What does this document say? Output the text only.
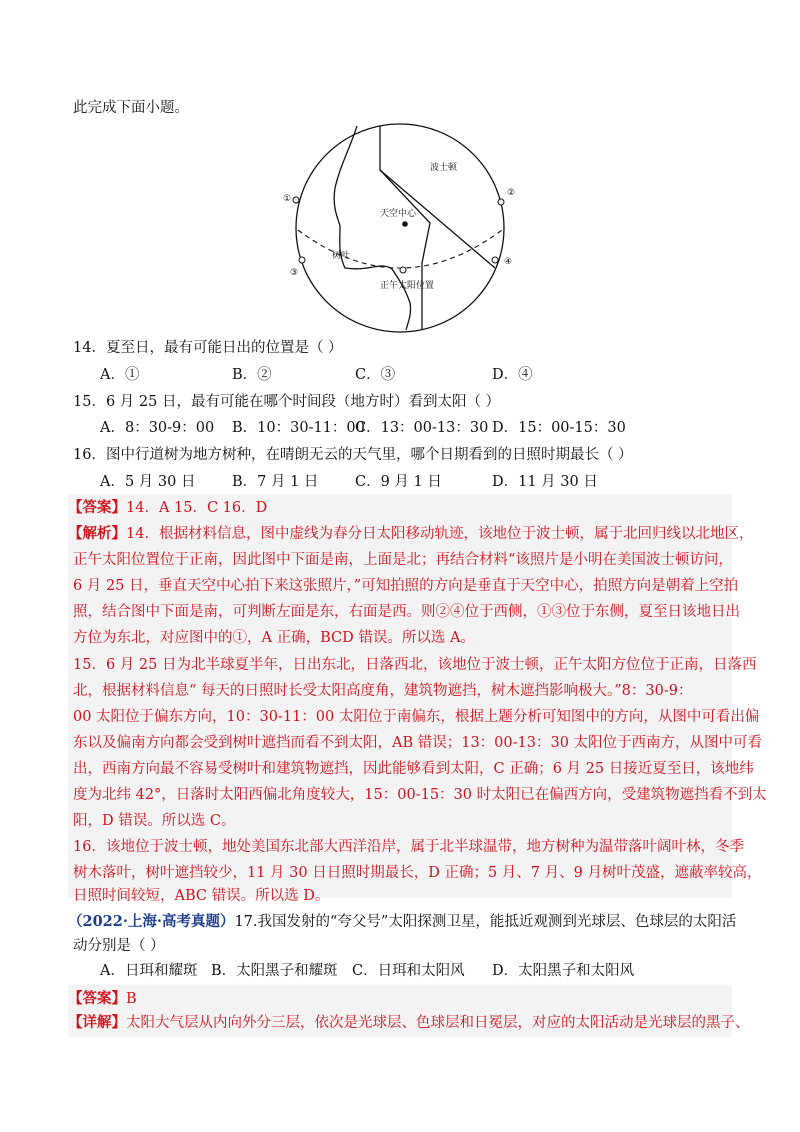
此完成下面小题。
①
②
③
④
波士顿
天空中心
树叶
正午太阳位置
14．夏至日，最有可能日出的位置是（ ）
A．①	B．②	C．③	D．④
15．6 月 25 日，最有可能在哪个时间段（地方时）看到太阳（ ）
A．8：30-9：00 B．10：30-11：00
C．13：00-13：30 D．15：00-15：30
16．图中行道树为地方树种，在晴朗无云的天气里，哪个日期看到的日照时期最长（ ）
A．5 月 30 日	B．7 月 1 日	C．9 月 1 日	D．11 月 30 日
【答案】14．A 15．C 16．D
【解析】14．根据材料信息，图中虚线为春分日太阳移动轨迹，该地位于波士顿，属于北回归线以北地区，
正午太阳位置位于正南，因此图中下面是南，上面是北；再结合材料“该照片是小明在美国波士顿访问，
6 月 25 日，垂直天空中心拍下来这张照片，”可知拍照的方向是垂直于天空中心，拍照方向是朝着上空拍
照，结合图中下面是南，可判断左面是东，右面是西。则②④位于西侧，①③位于东侧，夏至日该地日出
方位为东北，对应图中的①，A 正确，BCD 错误。所以选 A。
15．6 月 25 日为北半球夏半年，日出东北，日落西北，该地位于波士顿，正午太阳方位位于正南，日落西
北，根据材料信息“ 每天的日照时长受太阳高度角，建筑物遮挡，树木遮挡影响极大。”8：30-9：
00 太阳位于偏东方向，10：30-11：00 太阳位于南偏东，根据上题分析可知图中的方向，从图中可看出偏
东以及偏南方向都会受到树叶遮挡而看不到太阳，AB 错误；13：00-13：30 太阳位于西南方，从图中可看
出，西南方向最不容易受树叶和建筑物遮挡，因此能够看到太阳，C 正确；6 月 25 日接近夏至日，该地纬
度为北纬 42°，日落时太阳西偏北角度较大，15：00-15：30 时太阳已在偏西方向，受建筑物遮挡看不到太
阳，D 错误。所以选 C。
16．该地位于波士顿，地处美国东北部大西洋沿岸，属于北半球温带，地方树种为温带落叶阔叶林，冬季
树木落叶，树叶遮挡较少，11 月 30 日日照时期最长，D 正确；5 月、7 月、9 月树叶茂盛，遮蔽率较高，
日照时间较短，ABC 错误。所以选 D。
（2022·上海·高考真题）17.我国发射的“夸父号”太阳探测卫星，能抵近观测到光球层、色球层的太阳活
动分别是（ ）
A．日珥和耀斑 B．太阳黑子和耀斑 C．日珥和太阳风 D．太阳黑子和太阳风
【答案】B
【详解】太阳大气层从内向外分三层，依次是光球层、色球层和日冕层，对应的太阳活动是光球层的黑子、
